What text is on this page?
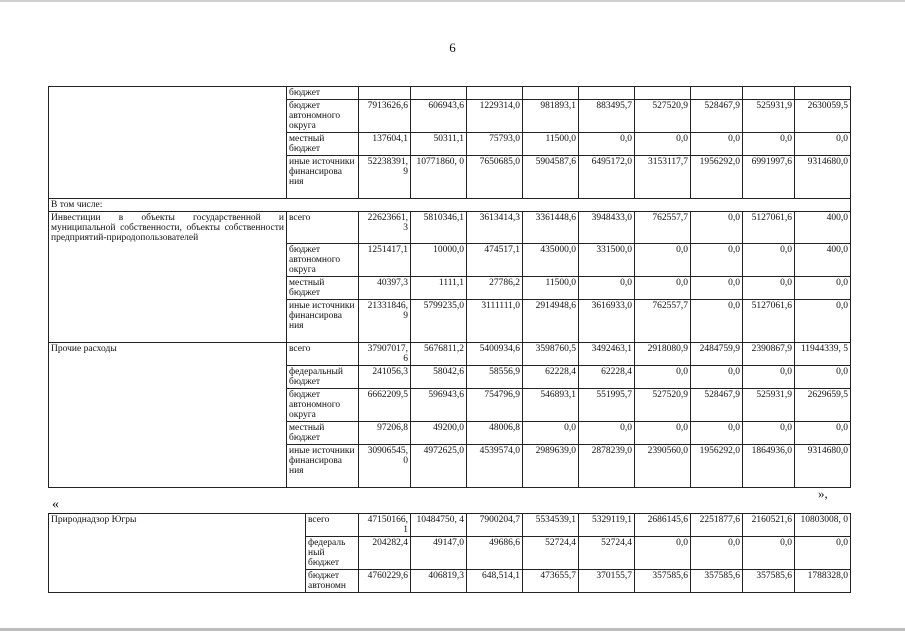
6
	бюджет									
	бюджет автономного округа	7913626,6	606943,6	1229314,0	981893,1	883495,7	527520,9	528467,9	525931,9	2630059,5
	местный бюджет	137604,1	50311,1	75793,0	11500,0	0,0	0,0	0,0	0,0	0,0
	иные источники финансирова ния	52238391, 9	10771860, 0	7650685,0	5904587,6	6495172,0	3153117,7	1956292,0	6991997,6	9314680,0
В том числе:										
Инвестиции в объекты государственной и муниципальной собственности, объекты собственности предприятий-природопользователей	всего	22623661, 3	5810346,1	3613414,3	3361448,6	3948433,0	762557,7	0,0	5127061,6	400,0
	бюджет автономного округа	1251417,1	10000,0	474517,1	435000,0	331500,0	0,0	0,0	0,0	400,0
	местный бюджет	40397,3	1111,1	27786,2	11500,0	0,0	0,0	0,0	0,0	0,0
	иные источники финансирова ния	21331846, 9	5799235,0	3111111,0	2914948,6	3616933,0	762557,7	0,0	5127061,6	0,0
Прочие расходы	всего	37907017, 6	5676811,2	5400934,6	3598760,5	3492463,1	2918080,9	2484759,9	2390867,9	11944339, 5
	федеральный бюджет	241056,3	58042,6	58556,9	62228,4	62228,4	0,0	0,0	0,0	0,0
	бюджет автономного округа	6662209,5	596943,6	754796,9	546893,1	551995,7	527520,9	528467,9	525931,9	2629659,5
	местный бюджет	97206,8	49200,0	48006,8	0,0	0,0	0,0	0,0	0,0	0,0
	иные источники финансирова ния	30906545, 0	4972625,0	4539574,0	2989639,0	2878239,0	2390560,0	1956292,0	1864936,0	9314680,0
»,
«
Природнадзор Югры	всего	47150166, 1	10484750, 4	7900204,7	5534539,1	5329119,1	2686145,6	2251877,6	2160521,6	10803008, 0
	федераль ный бюджет	204282,4	49147,0	49686,6	52724,4	52724,4	0,0	0,0	0,0	0,0
	бюджет автономн	4760229,6	406819,3	648,514,1	473655,7	370155,7	357585,6	357585,6	357585,6	1788328,0
